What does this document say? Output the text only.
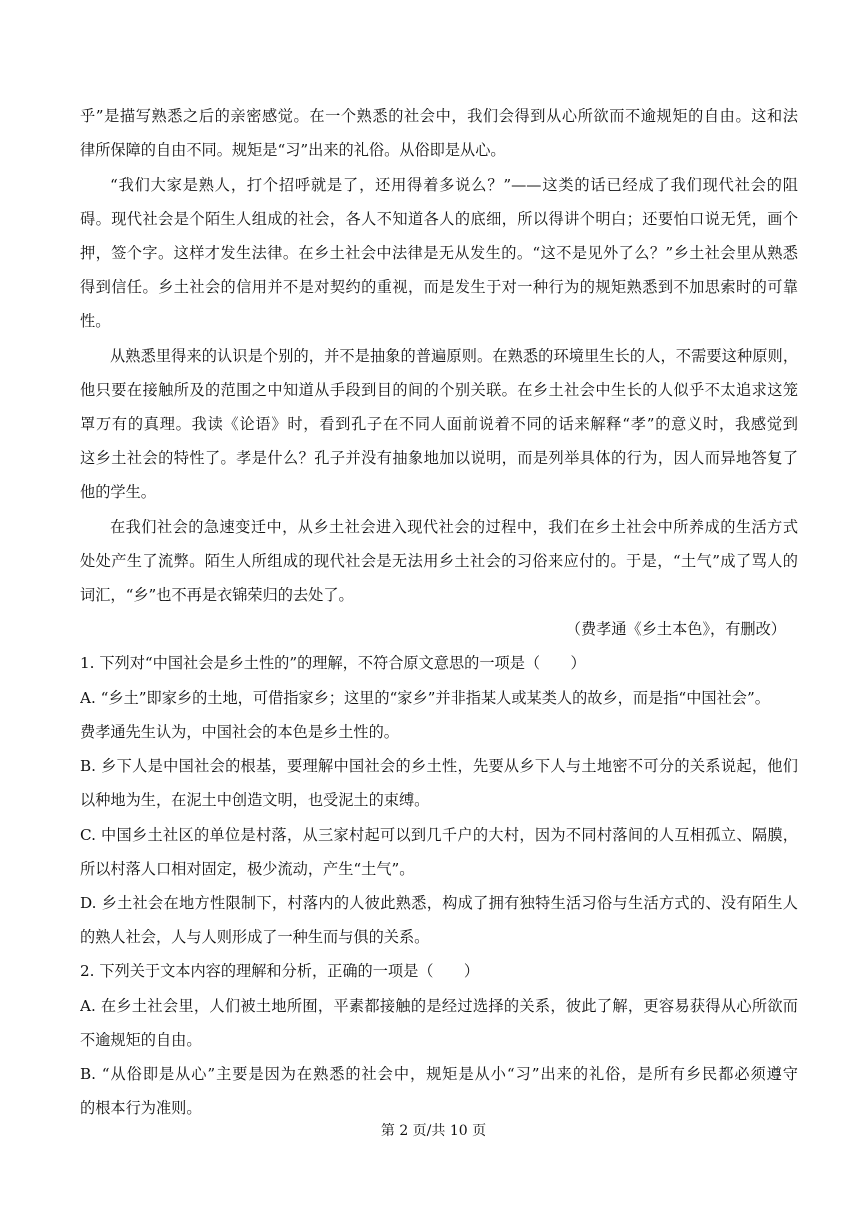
乎”是描写熟悉之后的亲密感觉。在一个熟悉的社会中，我们会得到从心所欲而不逾规矩的自由。这和法
律所保障的自由不同。规矩是“习”出来的礼俗。从俗即是从心。
“我们大家是熟人，打个招呼就是了，还用得着多说么？”——这类的话已经成了我们现代社会的阻
碍。现代社会是个陌生人组成的社会，各人不知道各人的底细，所以得讲个明白；还要怕口说无凭，画个
押，签个字。这样才发生法律。在乡土社会中法律是无从发生的。“这不是见外了么？”乡土社会里从熟悉
得到信任。乡土社会的信用并不是对契约的重视，而是发生于对一种行为的规矩熟悉到不加思索时的可靠
性。
从熟悉里得来的认识是个别的，并不是抽象的普遍原则。在熟悉的环境里生长的人，不需要这种原则，
他只要在接触所及的范围之中知道从手段到目的间的个别关联。在乡土社会中生长的人似乎不太追求这笼
罩万有的真理。我读《论语》时，看到孔子在不同人面前说着不同的话来解释“孝”的意义时，我感觉到
这乡土社会的特性了。孝是什么？孔子并没有抽象地加以说明，而是列举具体的行为，因人而异地答复了
他的学生。
在我们社会的急速变迁中，从乡土社会进入现代社会的过程中，我们在乡土社会中所养成的生活方式
处处产生了流弊。陌生人所组成的现代社会是无法用乡土社会的习俗来应付的。于是，“土气”成了骂人的
词汇，“乡”也不再是衣锦荣归的去处了。
（费孝通《乡土本色》，有删改）
1. 下列对“中国社会是乡土性的”的理解，不符合原文意思的一项是（　　）
A. “乡土”即家乡的土地，可借指家乡；这里的“家乡”并非指某人或某类人的故乡，而是指“中国社会”。
费孝通先生认为，中国社会的本色是乡土性的。
B. 乡下人是中国社会的根基，要理解中国社会的乡土性，先要从乡下人与土地密不可分的关系说起，他们
以种地为生，在泥土中创造文明，也受泥土的束缚。
C. 中国乡土社区的单位是村落，从三家村起可以到几千户的大村，因为不同村落间的人互相孤立、隔膜，
所以村落人口相对固定，极少流动，产生“土气”。
D. 乡土社会在地方性限制下，村落内的人彼此熟悉，构成了拥有独特生活习俗与生活方式的、没有陌生人
的熟人社会，人与人则形成了一种生而与俱的关系。
2. 下列关于文本内容的理解和分析，正确的一项是（　　）
A. 在乡土社会里，人们被土地所囿，平素都接触的是经过选择的关系，彼此了解，更容易获得从心所欲而
不逾规矩的自由。
B. “从俗即是从心”主要是因为在熟悉的社会中，规矩是从小“习”出来的礼俗，是所有乡民都必须遵守
的根本行为准则。
第 2 页/共 10 页
